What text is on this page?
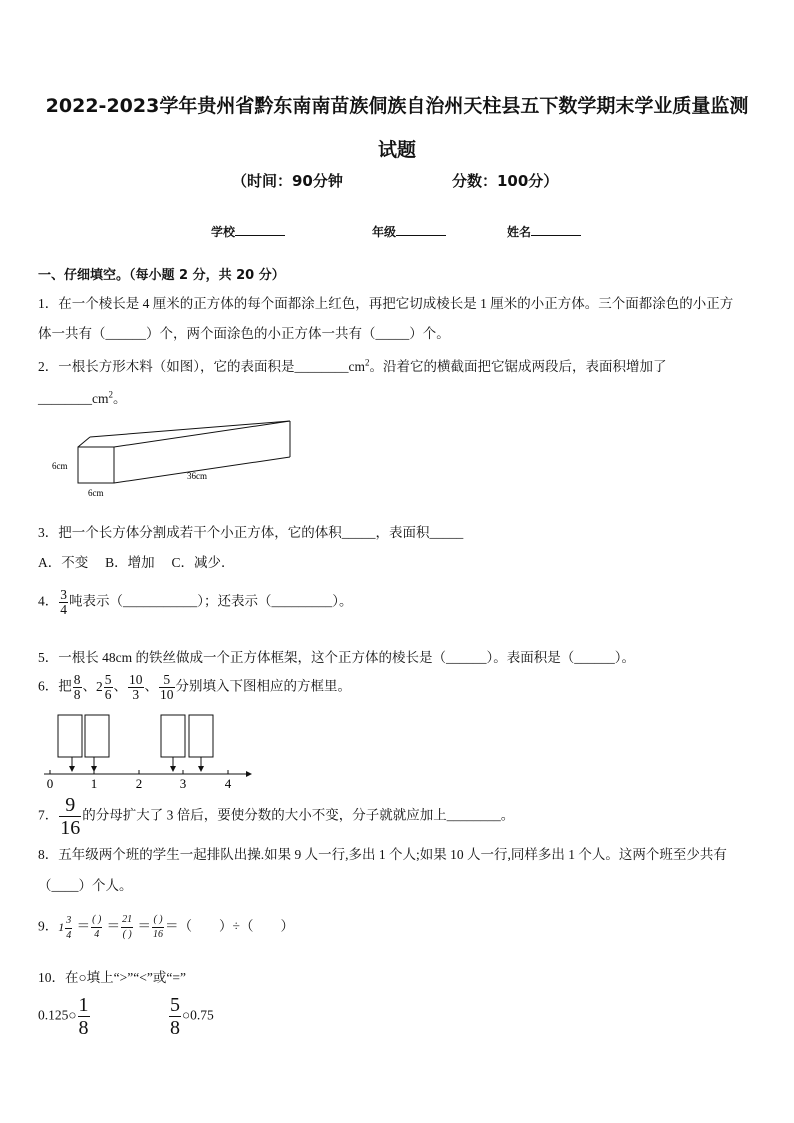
2022-2023学年贵州省黔东南南苗族侗族自治州天柱县五下数学期末学业质量监测试题
（时间：90分钟	分数：100分）
学校	年级	姓名
一、仔细填空。（每小题 2 分，共 20 分）
1．在一个棱长是 4 厘米的正方体的每个面都涂上红色，再把它切成棱长是 1 厘米的小正方体。三个面都涂色的小正方
体一共有（______）个，两个面涂色的小正方体一共有（_____）个。
2．一根长方形木料（如图），它的表面积是$\_\_\_\_\_\_\_\_cm^2$。沿着它的横截面把它锯成两段后，表面积增加了
$\_\_\_\_\_\_\_\_cm^2$。
6cm
6cm
36cm
3．把一个长方体分割成若干个小正方体，它的体积_____，表面积_____
A．不变　 B．增加　 C．减少．
4． $\frac{3}{4}$ 吨表示（___________）；还表示（_________）。
5．一根长 48cm 的铁丝做成一个正方体框架，这个正方体的棱长是（______）。表面积是（______）。
6．把 $\frac{8}{8}$ 、$2 \frac{5}{6}$ 、 $\frac{10}{3}$ 、 $\frac{5}{10}$ 分别填入下图相应的方框里。
0	1	2	3	4
7． $\frac{9}{16}$ 的分母扩大了 3 倍后，要使分数的大小不变，分子就就应加上________。
8．五年级两个班的学生一起排队出操.如果 9 人一行,多出 1 个人;如果 10 人一行,同样多出 1 个人。这两个班至少共有
（____）个人。
9．$1 \frac{3}{4} = \frac{( )}{4} = \frac{21}{( )} = \frac{( )}{16}$ ＝（　　）÷（　　）
10．在○填上“>”“<”或“=”
0.125○ $\frac{1}{8}$	$\frac{5}{8}$ ○0.75
